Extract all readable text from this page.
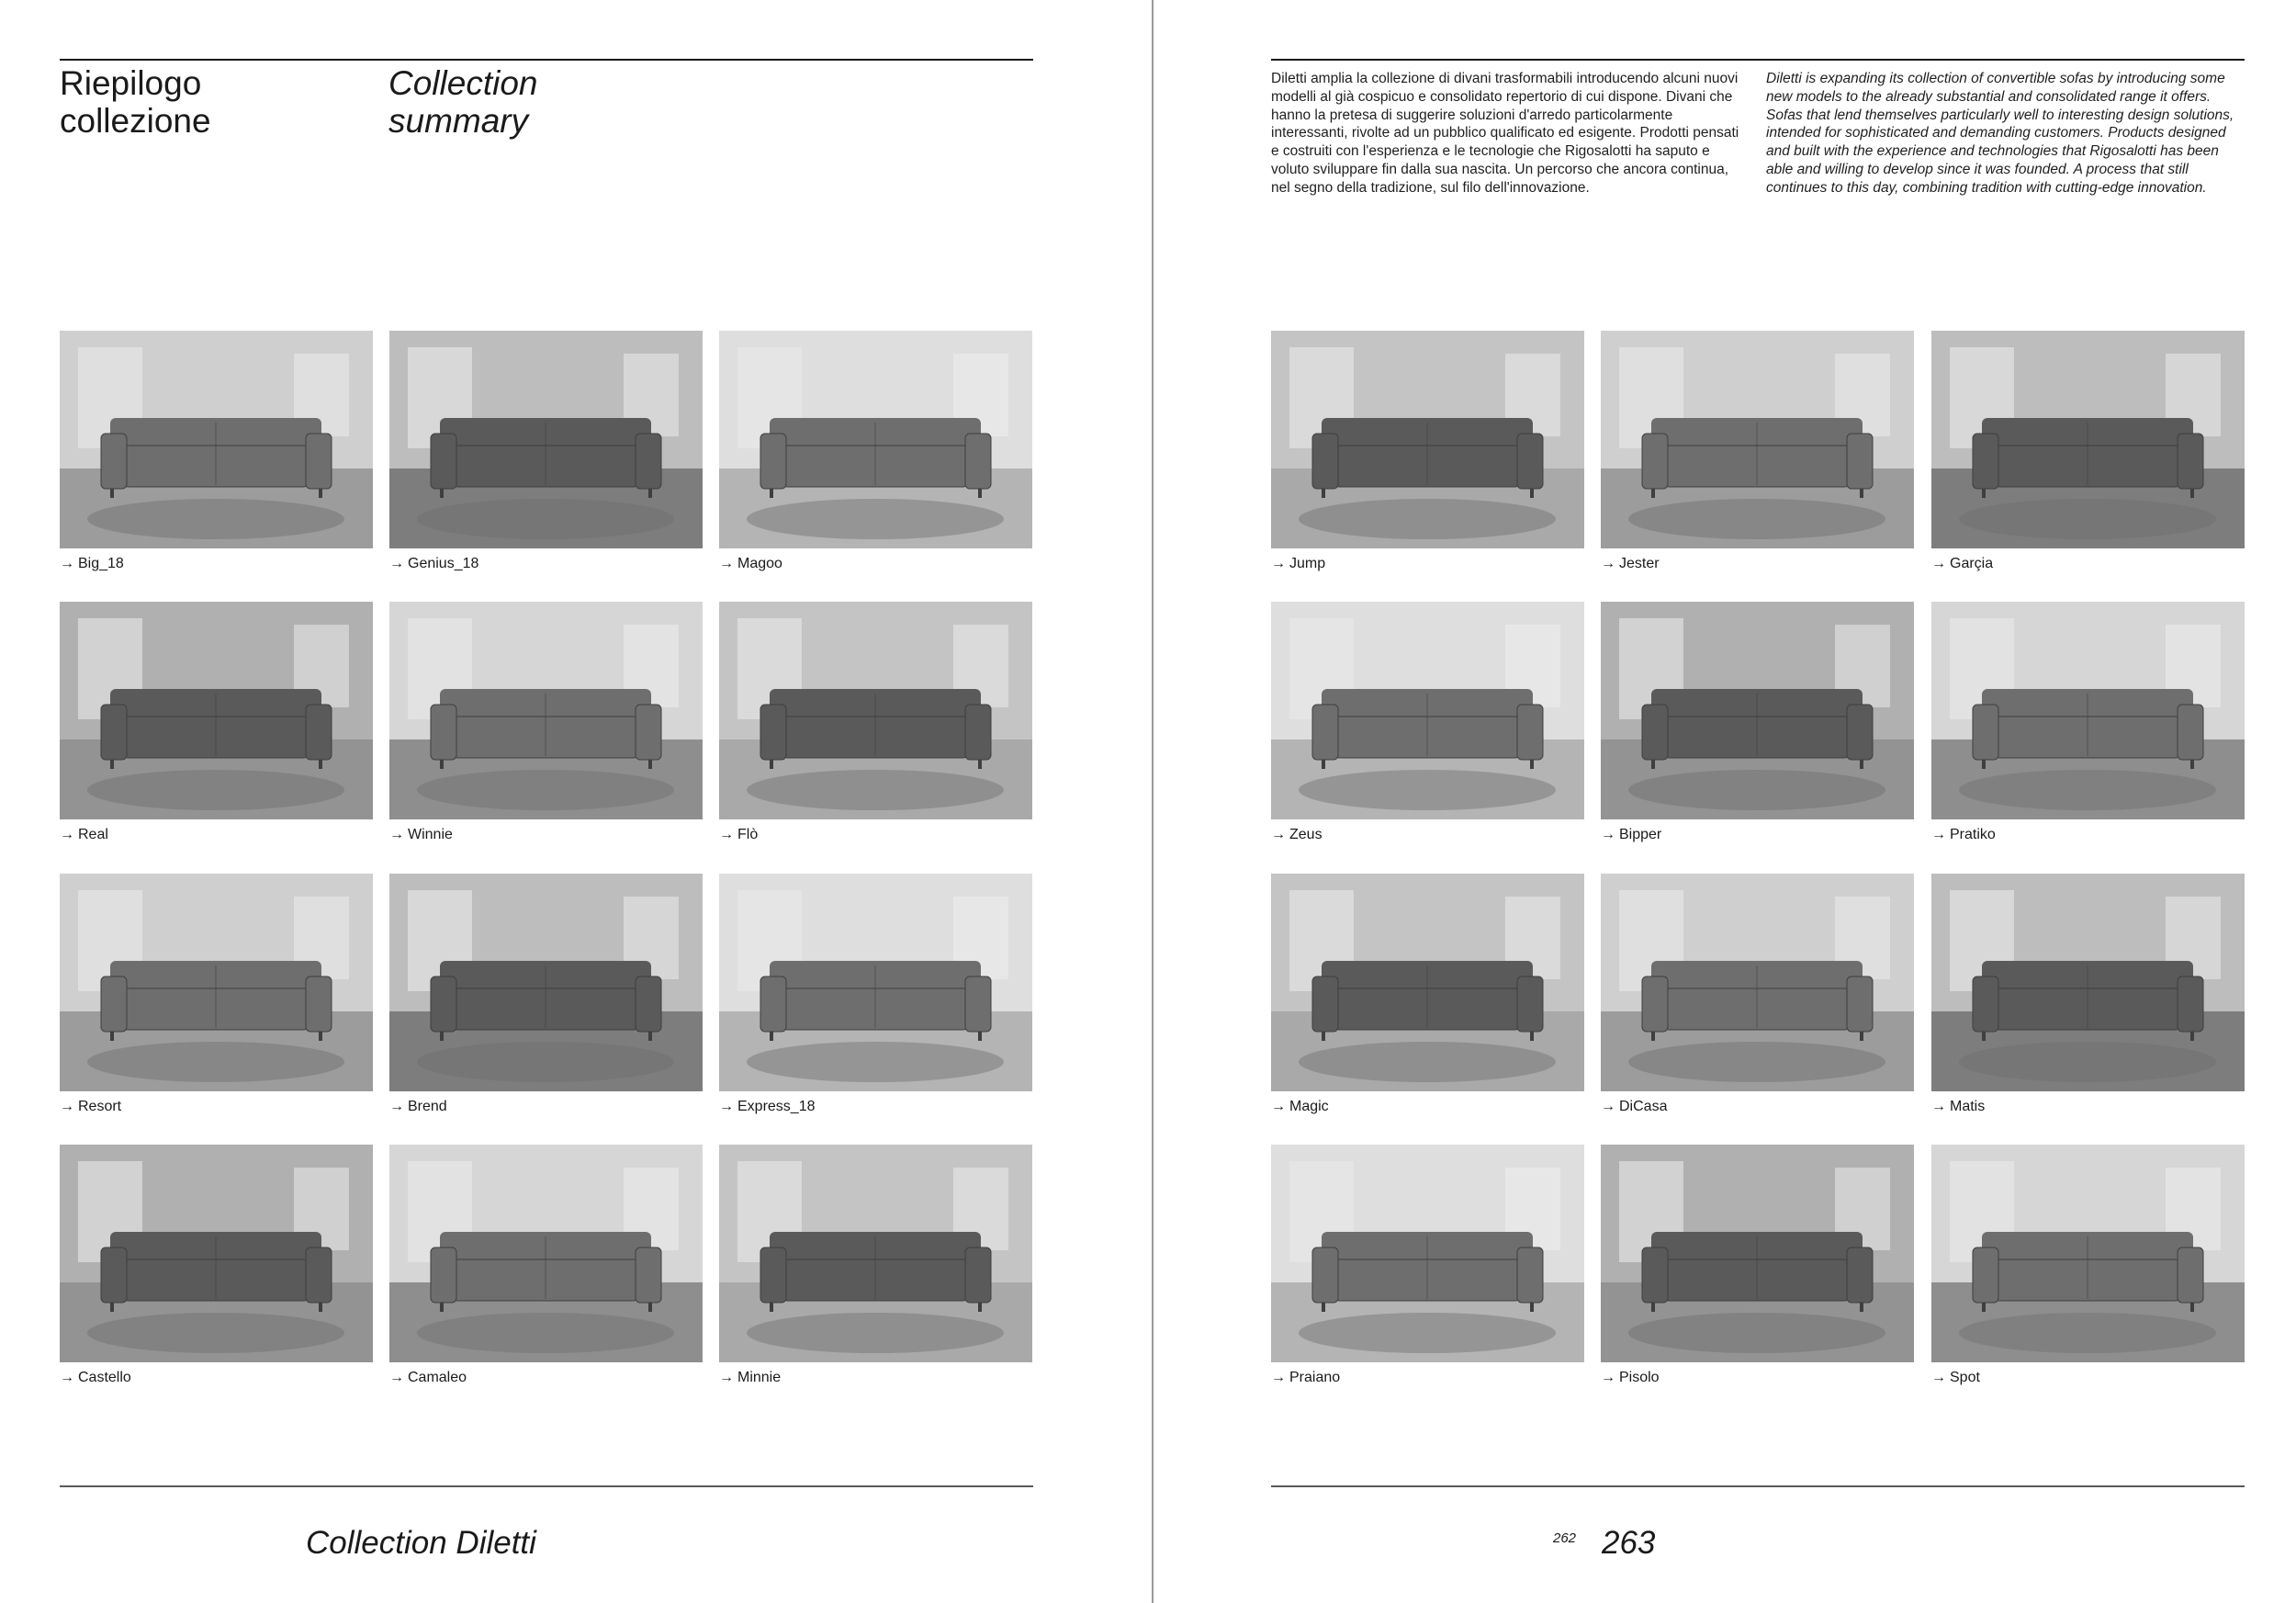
Riepilogo collezione
Collection summary
→ Big_18	→ Genius_18	→ Magoo
→ Real	→ Winnie	→ Flò
→ Resort	→ Brend	→ Express_18
→ Castello	→ Camaleo	→ Minnie
Collection Diletti
Diletti amplia la collezione di divani trasformabili introducendo alcuni nuovi modelli al già cospicuo e consolidato repertorio di cui dispone. Divani che hanno la pretesa di suggerire soluzioni d'arredo particolarmente interessanti, rivolte ad un pubblico qualificato ed esigente. Prodotti pensati e costruiti con l'esperienza e le tecnologie che Rigosalotti ha saputo e voluto sviluppare fin dalla sua nascita. Un percorso che ancora continua, nel segno della tradizione, sul filo dell'innovazione.
Diletti is expanding its collection of convertible sofas by introducing some new models to the already substantial and consolidated range it offers. Sofas that lend themselves particularly well to interesting design solutions, intended for sophisticated and demanding customers. Products designed and built with the experience and technologies that Rigosalotti has been able and willing to develop since it was founded. A process that still continues to this day, combining tradition with cutting-edge innovation.
→ Jump	→ Jester	→ Garçia
→ Zeus	→ Bipper	→ Pratiko
→ Magic	→ DiCasa	→ Matis
→ Praiano	→ Pisolo	→ Spot
262 263
